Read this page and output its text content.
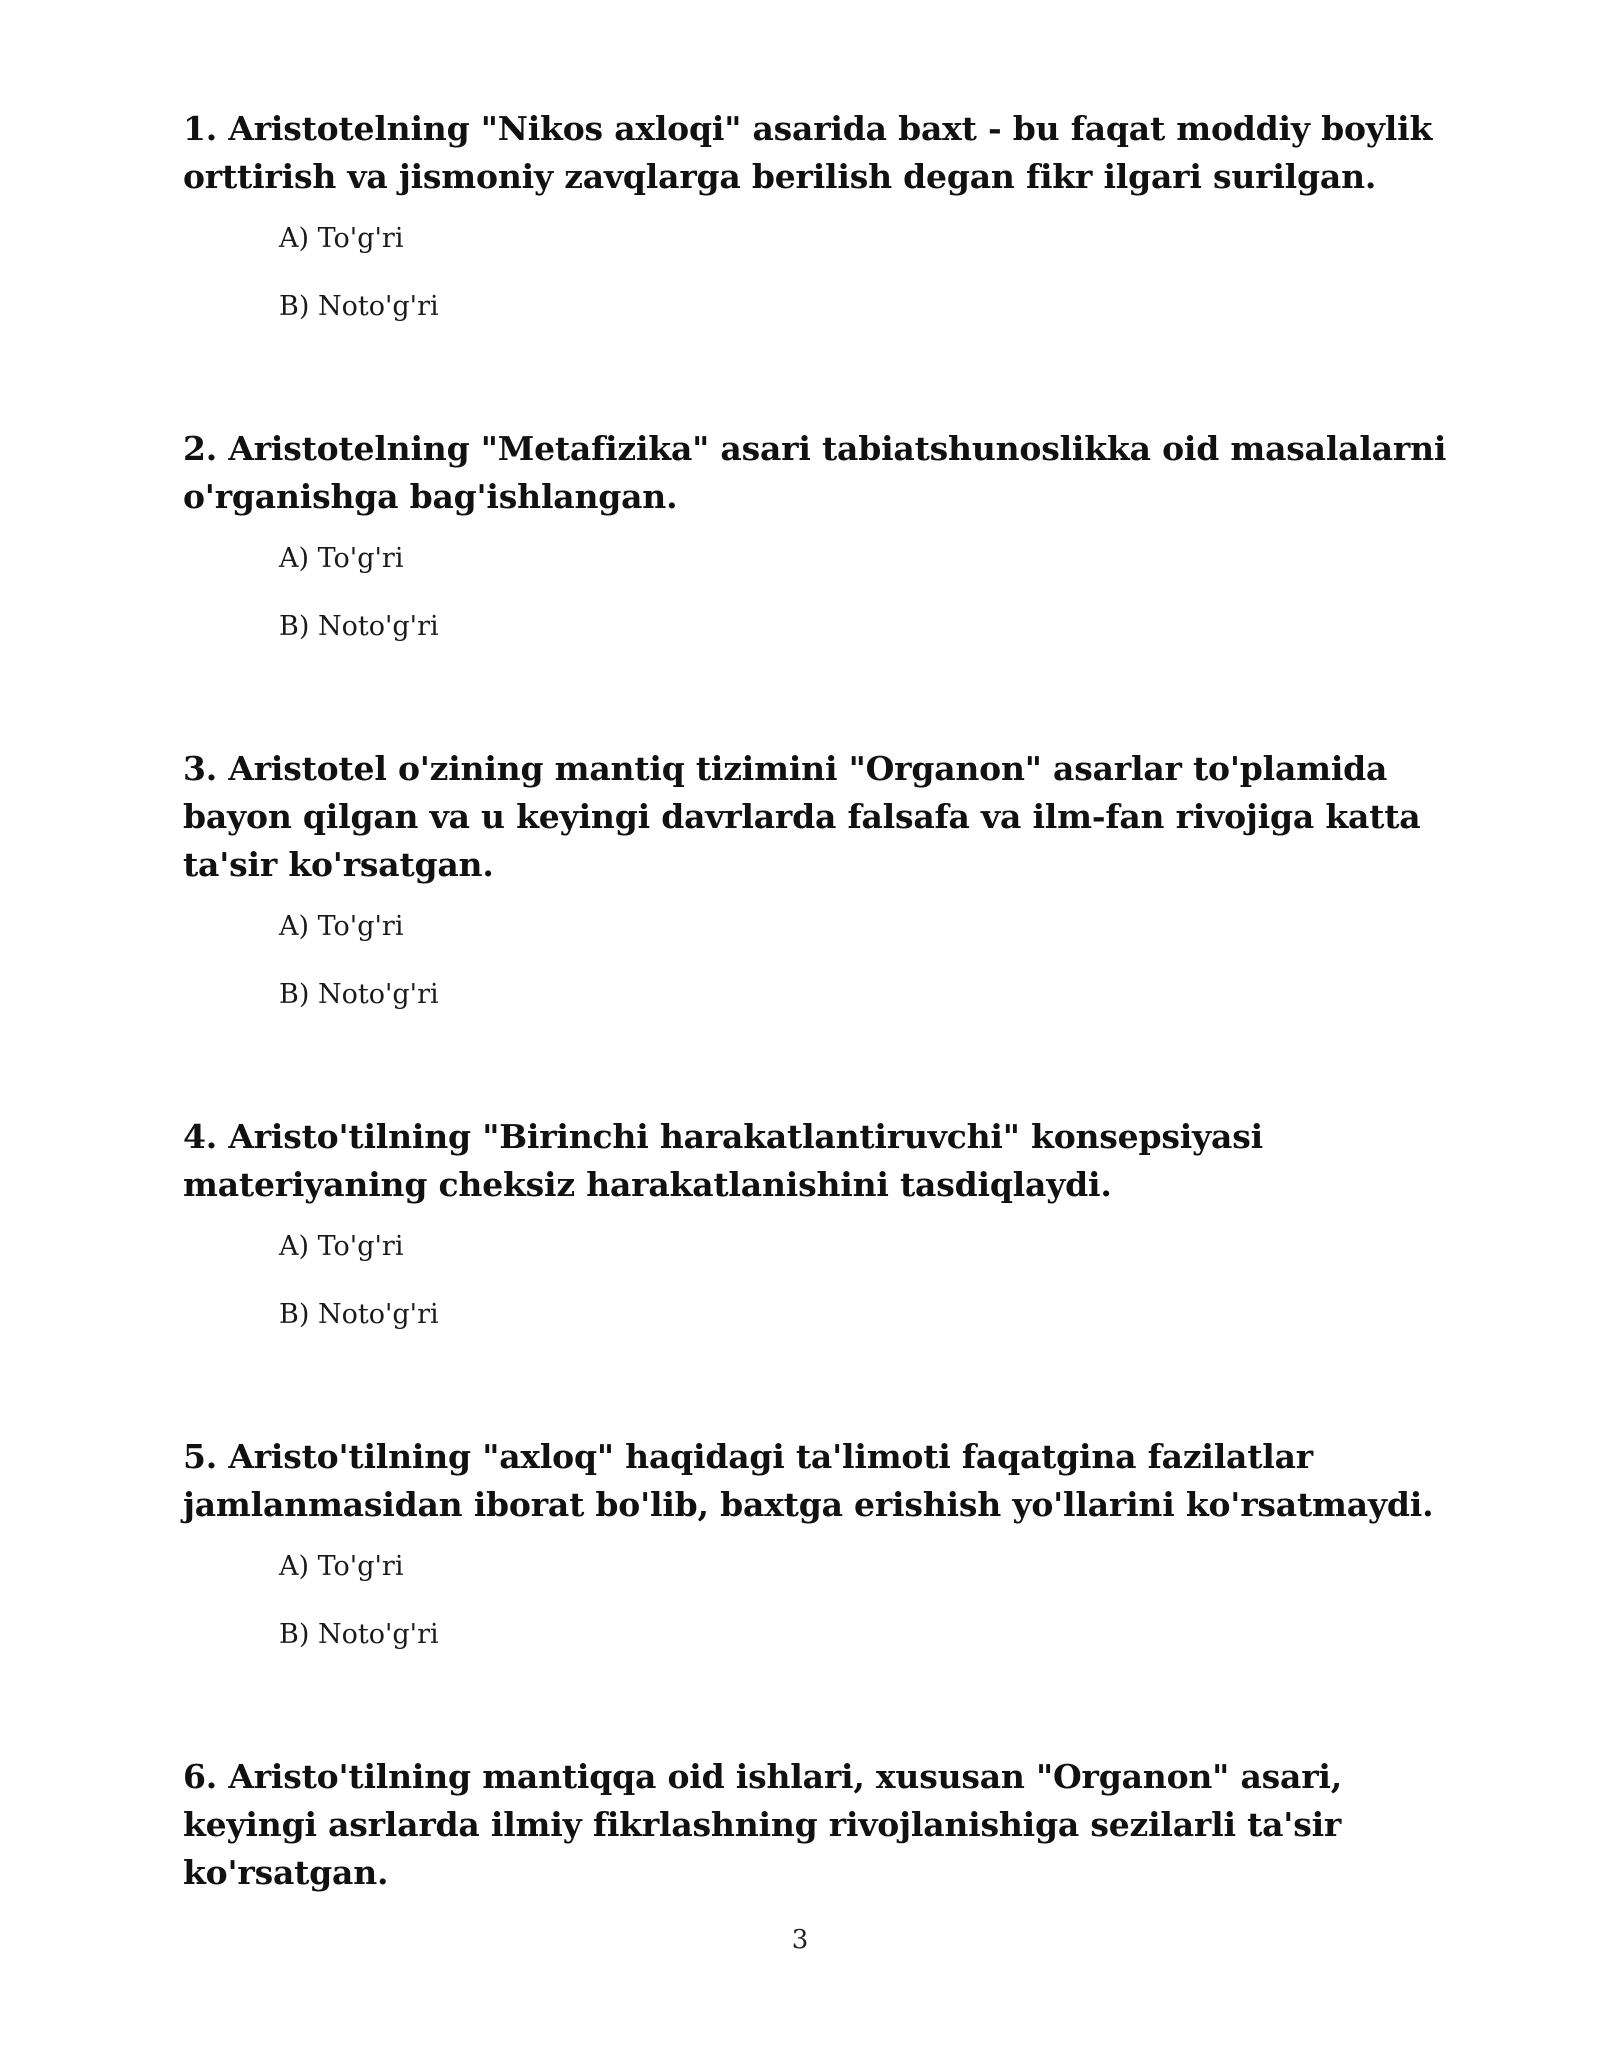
1. Aristotelning "Nikos axloqi" asarida baxt - bu faqat moddiy boylik orttirish va jismoniy zavqlarga berilish degan fikr ilgari surilgan.

A) To'g'ri
B) Noto'g'ri

2. Aristotelning "Metafizika" asari tabiatshunoslikka oid masalalarni o'rganishga bag'ishlangan.

A) To'g'ri
B) Noto'g'ri

3. Aristotel o'zining mantiq tizimini "Organon" asarlar to'plamida bayon qilgan va u keyingi davrlarda falsafa va ilm-fan rivojiga katta ta'sir ko'rsatgan.

A) To'g'ri
B) Noto'g'ri

4. Aristo'tilning "Birinchi harakatlantiruvchi" konsepsiyasi materiyaning cheksiz harakatlanishini tasdiqlaydi.

A) To'g'ri
B) Noto'g'ri

5. Aristo'tilning "axloq" haqidagi ta'limoti faqatgina fazilatlar jamlanmasidan iborat bo'lib, baxtga erishish yo'llarini ko'rsatmaydi.

A) To'g'ri
B) Noto'g'ri

6. Aristo'tilning mantiqqa oid ishlari, xususan "Organon" asari, keyingi asrlarda ilmiy fikrlashning rivojlanishiga sezilarli ta'sir ko'rsatgan.

3
